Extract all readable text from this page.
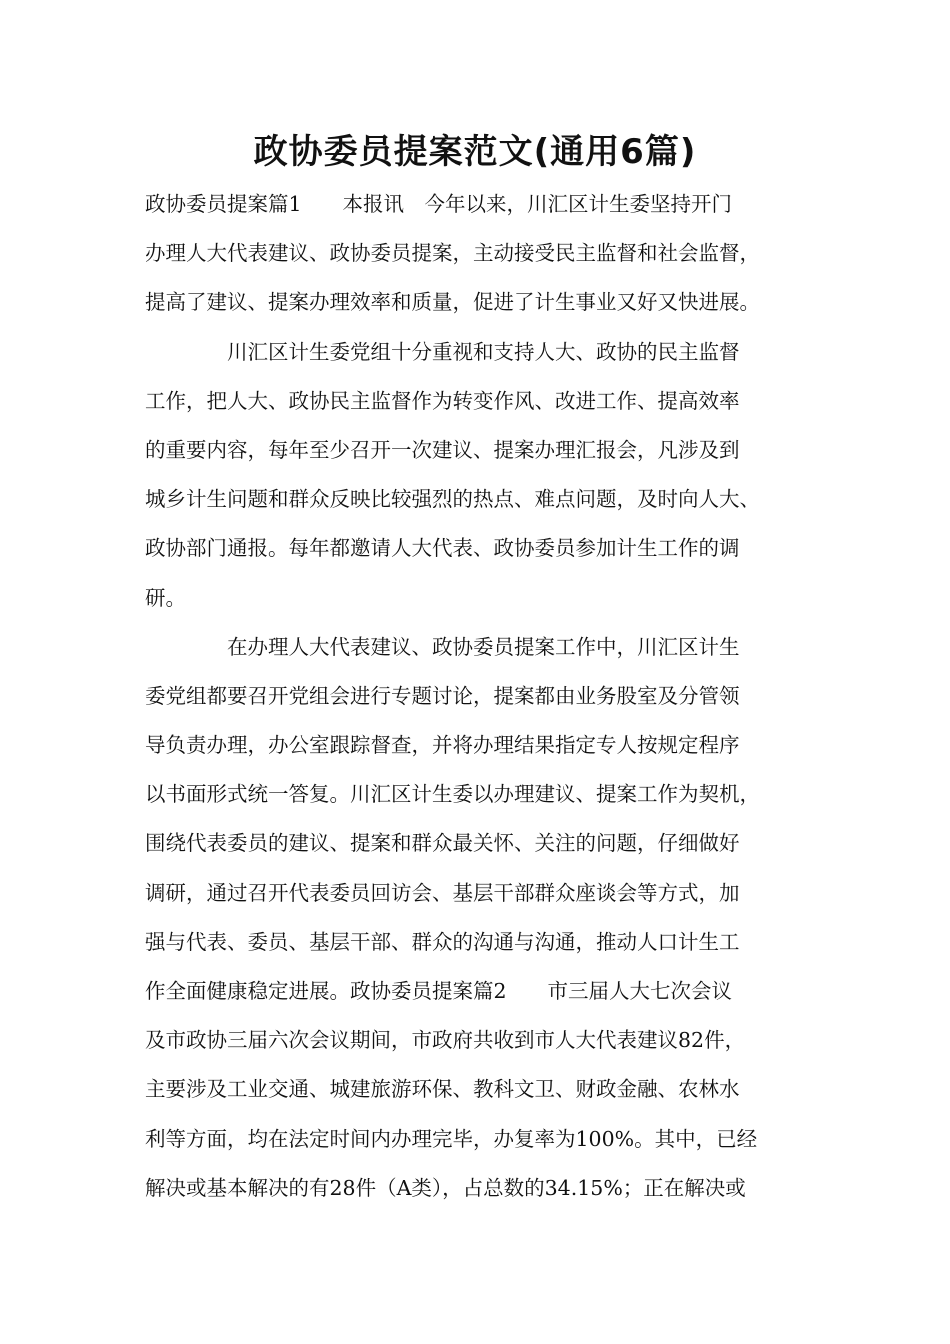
政协委员提案范文(通用6篇)
政协委员提案篇1　　本报讯　今年以来，川汇区计生委坚持开门
办理人大代表建议、政协委员提案，主动接受民主监督和社会监督，
提高了建议、提案办理效率和质量，促进了计生事业又好又快进展。
　　　　川汇区计生委党组十分重视和支持人大、政协的民主监督
工作，把人大、政协民主监督作为转变作风、改进工作、提高效率
的重要内容，每年至少召开一次建议、提案办理汇报会，凡涉及到
城乡计生问题和群众反映比较强烈的热点、难点问题，及时向人大、
政协部门通报。每年都邀请人大代表、政协委员参加计生工作的调
研。
　　　　在办理人大代表建议、政协委员提案工作中，川汇区计生
委党组都要召开党组会进行专题讨论，提案都由业务股室及分管领
导负责办理，办公室跟踪督查，并将办理结果指定专人按规定程序
以书面形式统一答复。川汇区计生委以办理建议、提案工作为契机，
围绕代表委员的建议、提案和群众最关怀、关注的问题，仔细做好
调研，通过召开代表委员回访会、基层干部群众座谈会等方式，加
强与代表、委员、基层干部、群众的沟通与沟通，推动人口计生工
作全面健康稳定进展。政协委员提案篇2　　市三届人大七次会议
及市政协三届六次会议期间，市政府共收到市人大代表建议82件，
主要涉及工业交通、城建旅游环保、教科文卫、财政金融、农林水
利等方面，均在法定时间内办理完毕，办复率为100%。其中，已经
解决或基本解决的有28件（A类），占总数的34.15%；正在解决或
